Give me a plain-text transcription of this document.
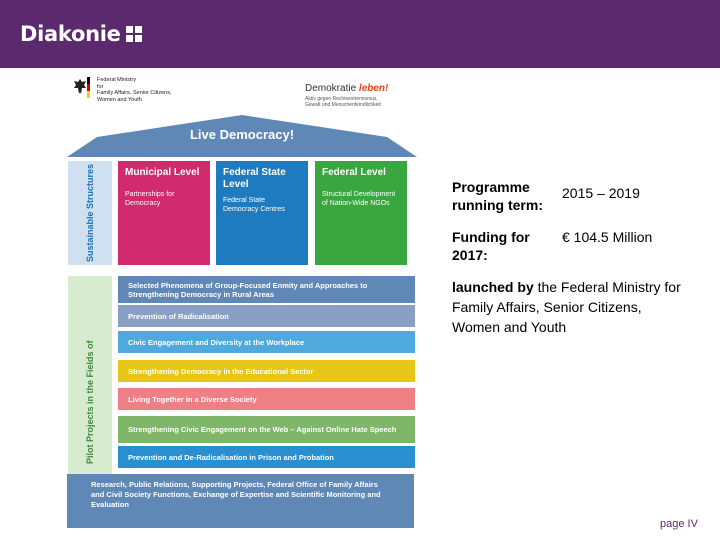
Diakonie
Federal Ministry
for
Family Affairs, Senior Citizens,
Women and Youth
Demokratie leben!
Aktiv gegen Rechtsextremismus,
Gewalt und Menschenfeindlichkeit
Live Democracy!
Sustainable Structures
Pilot Projects in the Fields of
Municipal Level
Partnerships for Democracy
Federal State Level
Federal State Democracy Centres
Federal Level
Structural Development of Nation-Wide NGOs
Selected Phenomena of Group-Focused Enmity and Approaches to Strengthening Democracy in Rural Areas
Prevention of Radicalisation
Civic Engagement and Diversity at the Workplace
Strengthening Democracy in the Educational Sector
Living Together in a Diverse Society
Strengthening Civic Engagement on the Web – Against Online Hate Speech
Prevention and De-Radicalisation in Prison and Probation
Research, Public Relations, Supporting Projects, Federal Office of Family Affairs and Civil Society Functions, Exchange of Expertise and Scientific Monitoring and Evaluation
Programme running term:
2015 – 2019
Funding for 2017:
€ 104.5 Million
launched by the Federal Ministry for Family Affairs, Senior Citizens, Women and Youth
page IV
